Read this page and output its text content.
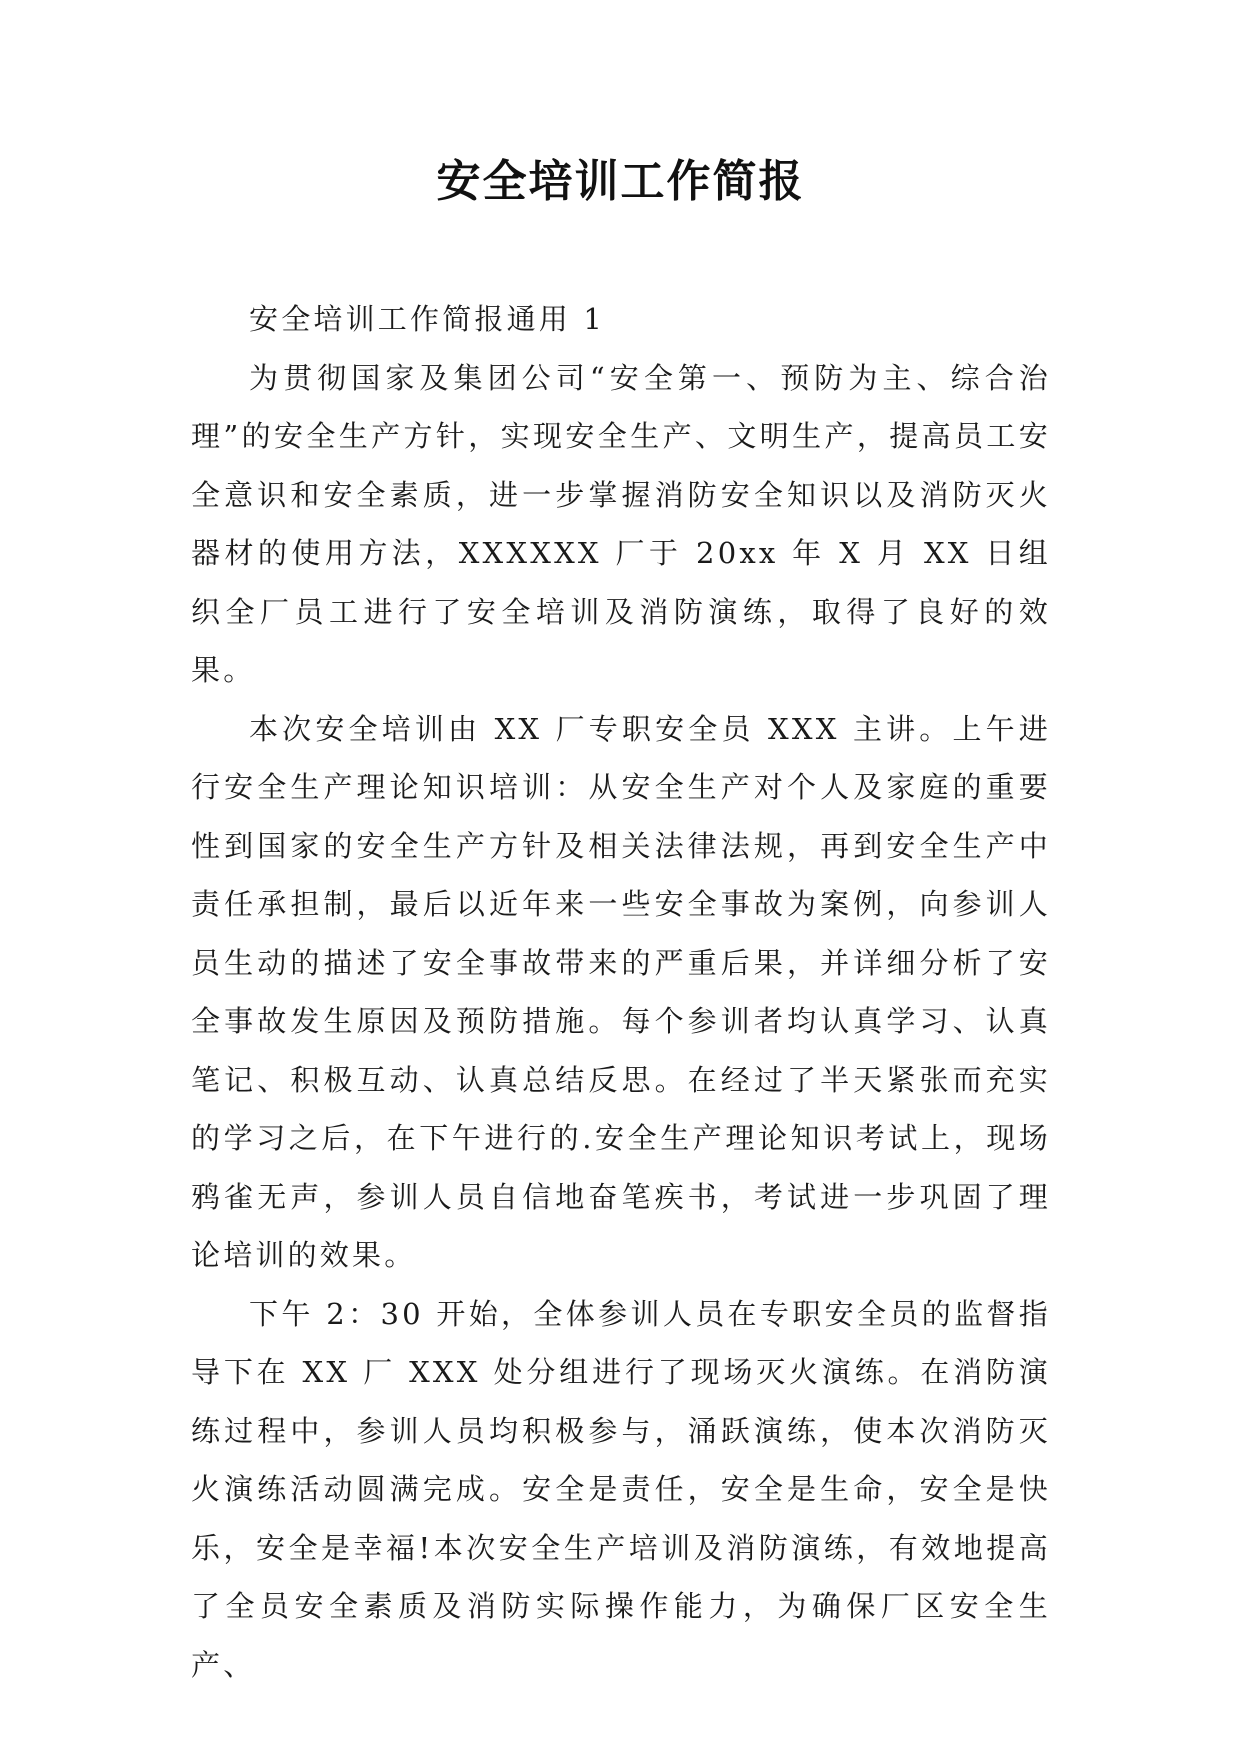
安全培训工作简报

安全培训工作简报通用 1

为贯彻国家及集团公司“安全第一、预防为主、综合治理”的安全生产方针，实现安全生产、文明生产，提高员工安全意识和安全素质，进一步掌握消防安全知识以及消防灭火器材的使用方法，XXXXXX 厂于 20xx 年 X 月 XX 日组织全厂员工进行了安全培训及消防演练，取得了良好的效果。

本次安全培训由 XX 厂专职安全员 XXX 主讲。上午进行安全生产理论知识培训：从安全生产对个人及家庭的重要性到国家的安全生产方针及相关法律法规，再到安全生产中责任承担制，最后以近年来一些安全事故为案例，向参训人员生动的描述了安全事故带来的严重后果，并详细分析了安全事故发生原因及预防措施。每个参训者均认真学习、认真笔记、积极互动、认真总结反思。在经过了半天紧张而充实的学习之后，在下午进行的.安全生产理论知识考试上，现场鸦雀无声，参训人员自信地奋笔疾书，考试进一步巩固了理论培训的效果。

下午 2：30 开始，全体参训人员在专职安全员的监督指导下在 XX 厂 XXX 处分组进行了现场灭火演练。在消防演练过程中，参训人员均积极参与，涌跃演练，使本次消防灭火演练活动圆满完成。安全是责任，安全是生命，安全是快乐，安全是幸福!本次安全生产培训及消防演练，有效地提高了全员安全素质及消防实际操作能力，为确保厂区安全生产、
